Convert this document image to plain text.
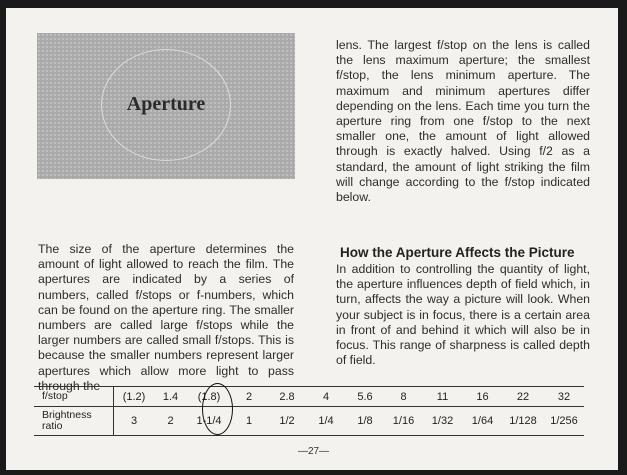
Aperture

lens. The largest f/stop on the lens is called the lens maximum aperture; the smallest f/stop, the lens minimum aperture. The maximum and minimum apertures differ depending on the lens. Each time you turn the aperture ring from one f/stop to the next smaller one, the amount of light allowed through is exactly halved. Using f/2 as a standard, the amount of light striking the film will change according to the f/stop indicated below.

The size of the aperture determines the amount of light allowed to reach the film. The apertures are indicated by a series of numbers, called f/stops or f-numbers, which can be found on the aperture ring. The smaller numbers are called large f/stops while the larger numbers are called small f/stops. This is because the smaller numbers represent larger apertures which allow more light to pass through the

How the Aperture Affects the Picture

In addition to controlling the quantity of light, the aperture influences depth of field which, in turn, affects the way a picture will look. When your subject is in focus, there is a certain area in front of and behind it which will also be in focus. This range of sharpness is called depth of field.

f/stop	(1.2)	1.4	(1.8)	2	2.8	4	5.6	8	11	16	22	32
Brightness
ratio	3	2	1-1/4	1	1/2	1/4	1/8	1/16	1/32	1/64	1/128	1/256
—27—
